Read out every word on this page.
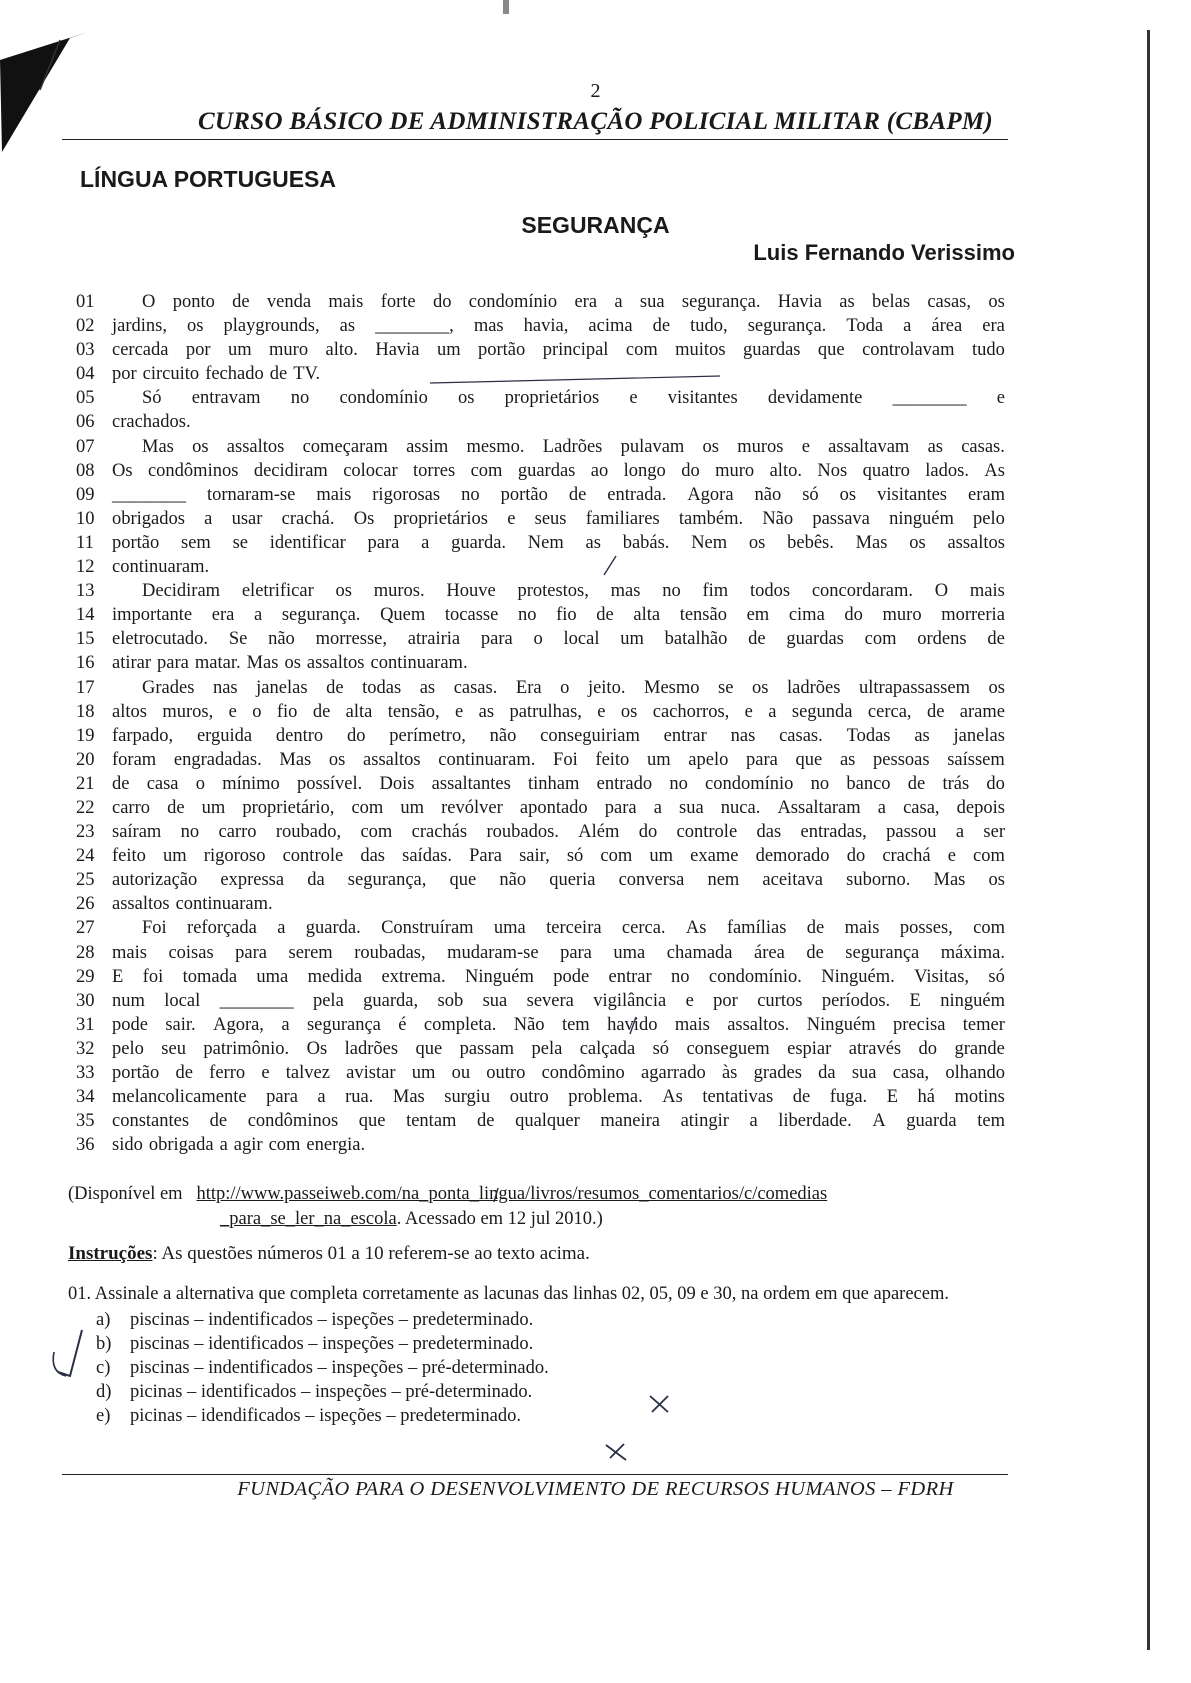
2
CURSO BÁSICO DE ADMINISTRAÇÃO POLICIAL MILITAR (CBAPM)
LÍNGUA PORTUGUESA
SEGURANÇA
Luis Fernando Verissimo
01	O ponto de venda mais forte do condomínio era a sua segurança. Havia as belas casas, os
02 jardins, os playgrounds, as ________, mas havia, acima de tudo, segurança. Toda a área era
03 cercada por um muro alto. Havia um portão principal com muitos guardas que controlavam tudo
04 por circuito fechado de TV.
05	Só entravam no condomínio os proprietários e visitantes devidamente ________ e
06 crachados.
07	Mas os assaltos começaram assim mesmo. Ladrões pulavam os muros e assaltavam as casas.
08 Os condôminos decidiram colocar torres com guardas ao longo do muro alto. Nos quatro lados. As
09 ________ tornaram-se mais rigorosas no portão de entrada. Agora não só os visitantes eram
10 obrigados a usar crachá. Os proprietários e seus familiares também. Não passava ninguém pelo
11 portão sem se identificar para a guarda. Nem as babás. Nem os bebês. Mas os assaltos
12 continuaram.
13	Decidiram eletrificar os muros. Houve protestos, mas no fim todos concordaram. O mais
14 importante era a segurança. Quem tocasse no fio de alta tensão em cima do muro morreria
15 eletrocutado. Se não morresse, atrairia para o local um batalhão de guardas com ordens de
16 atirar para matar. Mas os assaltos continuaram.
17	Grades nas janelas de todas as casas. Era o jeito. Mesmo se os ladrões ultrapassassem os
18 altos muros, e o fio de alta tensão, e as patrulhas, e os cachorros, e a segunda cerca, de arame
19 farpado, erguida dentro do perímetro, não conseguiriam entrar nas casas. Todas as janelas
20 foram engradadas. Mas os assaltos continuaram. Foi feito um apelo para que as pessoas saíssem
21 de casa o mínimo possível. Dois assaltantes tinham entrado no condomínio no banco de trás do
22 carro de um proprietário, com um revólver apontado para a sua nuca. Assaltaram a casa, depois
23 saíram no carro roubado, com crachás roubados. Além do controle das entradas, passou a ser
24 feito um rigoroso controle das saídas. Para sair, só com um exame demorado do crachá e com
25 autorização expressa da segurança, que não queria conversa nem aceitava suborno. Mas os
26 assaltos continuaram.
27	Foi reforçada a guarda. Construíram uma terceira cerca. As famílias de mais posses, com
28 mais coisas para serem roubadas, mudaram-se para uma chamada área de segurança máxima.
29 E foi tomada uma medida extrema. Ninguém pode entrar no condomínio. Ninguém. Visitas, só
30 num local ________ pela guarda, sob sua severa vigilância e por curtos períodos. E ninguém
31 pode sair. Agora, a segurança é completa. Não tem havido mais assaltos. Ninguém precisa temer
32 pelo seu patrimônio. Os ladrões que passam pela calçada só conseguem espiar através do grande
33 portão de ferro e talvez avistar um ou outro condômino agarrado às grades da sua casa, olhando
34 melancolicamente para a rua. Mas surgiu outro problema. As tentativas de fuga. E há motins
35 constantes de condôminos que tentam de qualquer maneira atingir a liberdade. A guarda tem
36 sido obrigada a agir com energia.
(Disponível em http://www.passeiweb.com/na_ponta_lingua/livros/resumos_comentarios/c/comedias
_para_se_ler_na_escola. Acessado em 12 jul 2010.)
Instruções: As questões números 01 a 10 referem-se ao texto acima.
01. Assinale a alternativa que completa corretamente as lacunas das linhas 02, 05, 09 e 30, na ordem em que aparecem.
a) piscinas – indentificados – ispeções – predeterminado.
b) piscinas – identificados – inspeções – predeterminado.
c) piscinas – indentificados – inspeções – pré-determinado.
d) picinas – identificados – inspeções – pré-determinado.
e) picinas – idendificados – ispeções – predeterminado.
FUNDAÇÃO PARA O DESENVOLVIMENTO DE RECURSOS HUMANOS – FDRH
